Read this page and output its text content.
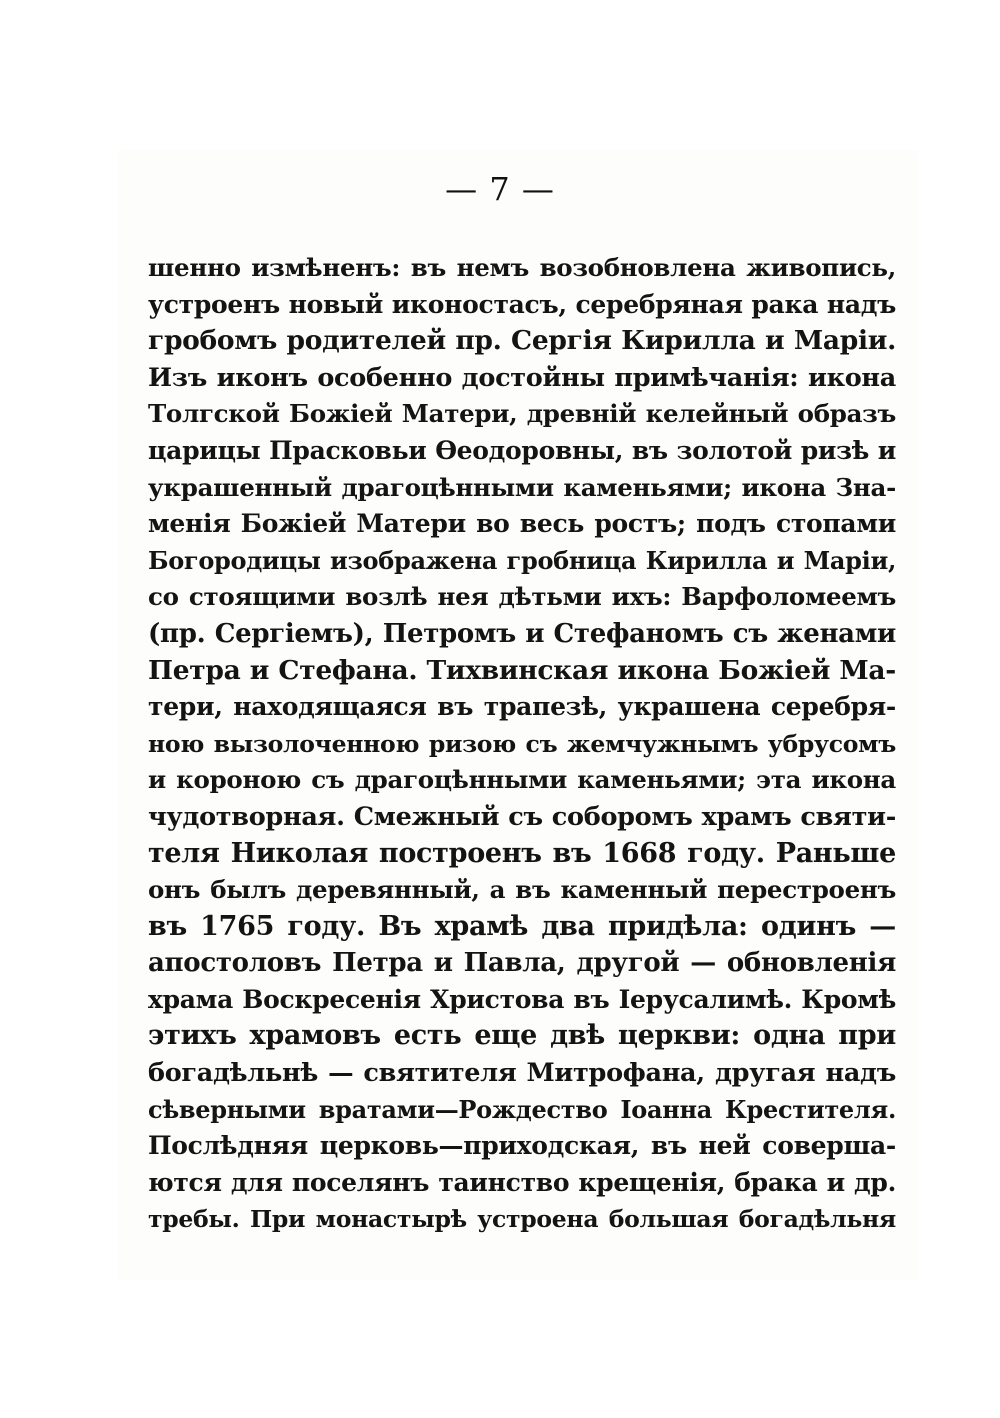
— 7 —
шенно измѣненъ: въ немъ возобновлена живопись,
устроенъ новый иконостасъ, серебряная рака надъ
гробомъ родителей пр. Сергія Кирилла и Маріи.
Изъ иконъ особенно достойны примѣчанія: икона
Толгской Божіей Матери, древній келейный образъ
царицы Прасковьи Ѳеодоровны, въ золотой ризѣ и
украшенный драгоцѣнными каменьями; икона Зна-
менія Божіей Матери во весь ростъ; подъ стопами
Богородицы изображена гробница Кирилла и Маріи,
со стоящими возлѣ нея дѣтьми ихъ: Варфоломеемъ
(пр. Сергіемъ), Петромъ и Стефаномъ съ женами
Петра и Стефана. Тихвинская икона Божіей Ма-
тери, находящаяся въ трапезѣ, украшена серебря-
ною вызолоченною ризою съ жемчужнымъ убрусомъ
и короною съ драгоцѣнными каменьями; эта икона
чудотворная. Смежный съ соборомъ храмъ святи-
теля Николая построенъ въ 1668 году. Раньше
онъ былъ деревянный, а въ каменный перестроенъ
въ 1765 году. Въ храмѣ два придѣла: одинъ —
апостоловъ Петра и Павла, другой — обновленія
храма Воскресенія Христова въ Іерусалимѣ. Кромѣ
этихъ храмовъ есть еще двѣ церкви: одна при
богадѣльнѣ — святителя Митрофана, другая надъ
сѣверными вратами—Рождество Іоанна Крестителя.
Послѣдняя церковь—приходская, въ ней соверша-
ются для поселянъ таинство крещенія, брака и др.
требы. При монастырѣ устроена большая богадѣльня
